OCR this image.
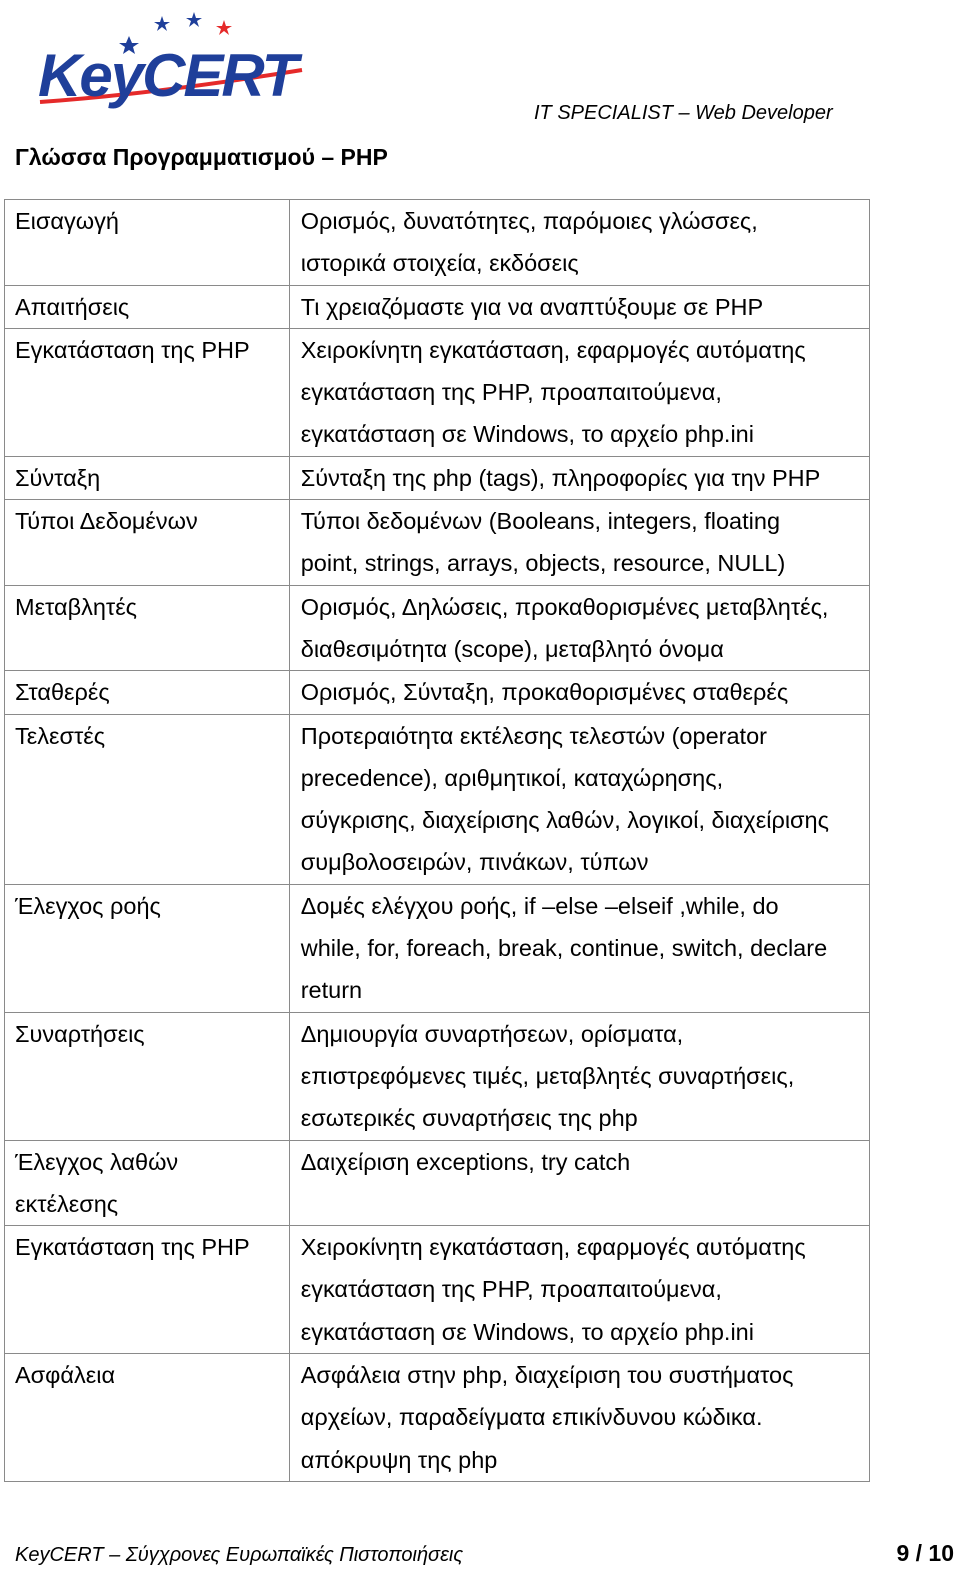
KeyCERT
IT SPECIALIST – Web Developer
Γλώσσα Προγραμματισμού – PHP
Εισαγωγή	Ορισμός, δυνατότητες, παρόμοιες γλώσσες,
ιστορικά στοιχεία, εκδόσεις

Απαιτήσεις	Τι χρειαζόμαστε για να αναπτύξουμε σε PHP

Εγκατάσταση της PHP	Χειροκίνητη εγκατάσταση, εφαρμογές αυτόματης
εγκατάσταση της PHP, προαπαιτούμενα,
εγκατάσταση σε Windows, το αρχείο php.ini

Σύνταξη	Σύνταξη της php (tags), πληροφορίες για την PHP

Τύποι Δεδομένων	Τύποι δεδομένων (Booleans, integers, floating
point, strings, arrays, objects, resource, NULL)

Μεταβλητές	Ορισμός, Δηλώσεις, προκαθορισμένες μεταβλητές,
διαθεσιμότητα (scope), μεταβλητό όνομα

Σταθερές	Ορισμός, Σύνταξη, προκαθορισμένες σταθερές

Τελεστές	Προτεραιότητα εκτέλεσης τελεστών (operator
precedence), αριθμητικοί, καταχώρησης,
σύγκρισης, διαχείρισης λαθών, λογικοί, διαχείρισης
συμβολοσειρών, πινάκων, τύπων

Έλεγχος ροής	Δομές ελέγχου ροής, if –else –elseif ,while, do
while, for, foreach, break, continue, switch, declare
return

Συναρτήσεις	Δημιουργία συναρτήσεων, ορίσματα,
επιστρεφόμενες τιμές, μεταβλητές συναρτήσεις,
εσωτερικές συναρτήσεις της php

Έλεγχος λαθών
εκτέλεσης	Δαιχείριση exceptions, try catch

Εγκατάσταση της PHP	Χειροκίνητη εγκατάσταση, εφαρμογές αυτόματης
εγκατάσταση της PHP, προαπαιτούμενα,
εγκατάσταση σε Windows, το αρχείο php.ini

Ασφάλεια	Ασφάλεια στην php, διαχείριση του συστήματος
αρχείων, παραδείγματα επικίνδυνου κώδικα.
απόκρυψη της php
KeyCERT – Σύγχρονες Ευρωπαϊκές Πιστοποιήσεις	9 / 10
